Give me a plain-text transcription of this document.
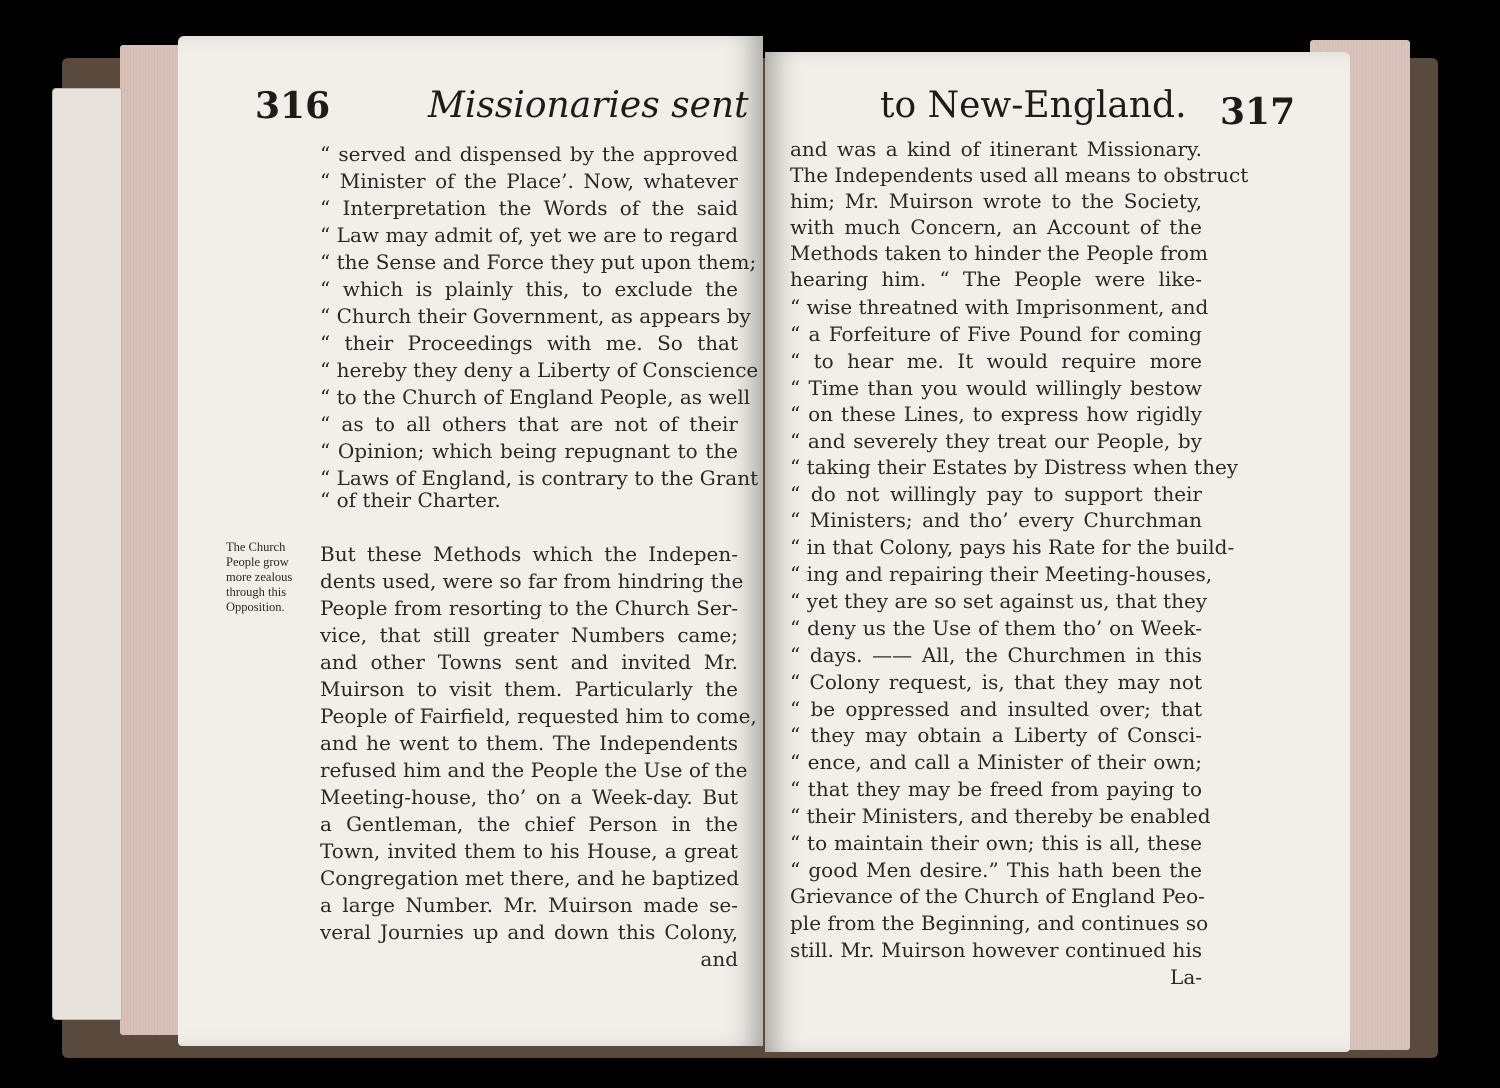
316	Missionaries sent	to New-England. 317
The Church
People grow
more zealous
through this
Opposition.
“ served and dispensed by the approved
“ Minister of the Place’. Now, whatever
“ Interpretation the Words of the said
“ Law may admit of, yet we are to regard
“ the Sense and Force they put upon them;
“ which is plainly this, to exclude the
“ Church their Government, as appears by
“ their Proceedings with me. So that
“ hereby they deny a Liberty of Conscience
“ to the Church of England People, as well
“ as to all others that are not of their
“ Opinion; which being repugnant to the
“ Laws of England, is contrary to the Grant
“ of their Charter.
But these Methods which the Indepen-
dents used, were so far from hindring the
People from resorting to the Church Ser-
vice, that still greater Numbers came;
and other Towns sent and invited Mr.
Muirson to visit them. Particularly the
People of Fairfield, requested him to come,
and he went to them. The Independents
refused him and the People the Use of the
Meeting-house, tho’ on a Week-day. But
a Gentleman, the chief Person in the
Town, invited them to his House, a great
Congregation met there, and he baptized
a large Number. Mr. Muirson made se-
veral Journies up and down this Colony,
and
and was a kind of itinerant Missionary.
The Independents used all means to obstruct
him; Mr. Muirson wrote to the Society,
with much Concern, an Account of the
Methods taken to hinder the People from
hearing him. “ The People were like-
“ wise threatned with Imprisonment, and
“ a Forfeiture of Five Pound for coming
“ to hear me. It would require more
“ Time than you would willingly bestow
“ on these Lines, to express how rigidly
“ and severely they treat our People, by
“ taking their Estates by Distress when they
“ do not willingly pay to support their
“ Ministers; and tho’ every Churchman
“ in that Colony, pays his Rate for the build-
“ ing and repairing their Meeting-houses,
“ yet they are so set against us, that they
“ deny us the Use of them tho’ on Week-
“ days. —— All, the Churchmen in this
“ Colony request, is, that they may not
“ be oppressed and insulted over; that
“ they may obtain a Liberty of Consci-
“ ence, and call a Minister of their own;
“ that they may be freed from paying to
“ their Ministers, and thereby be enabled
“ to maintain their own; this is all, these
“ good Men desire.” This hath been the
Grievance of the Church of England Peo-
ple from the Beginning, and continues so
still. Mr. Muirson however continued his
La-
